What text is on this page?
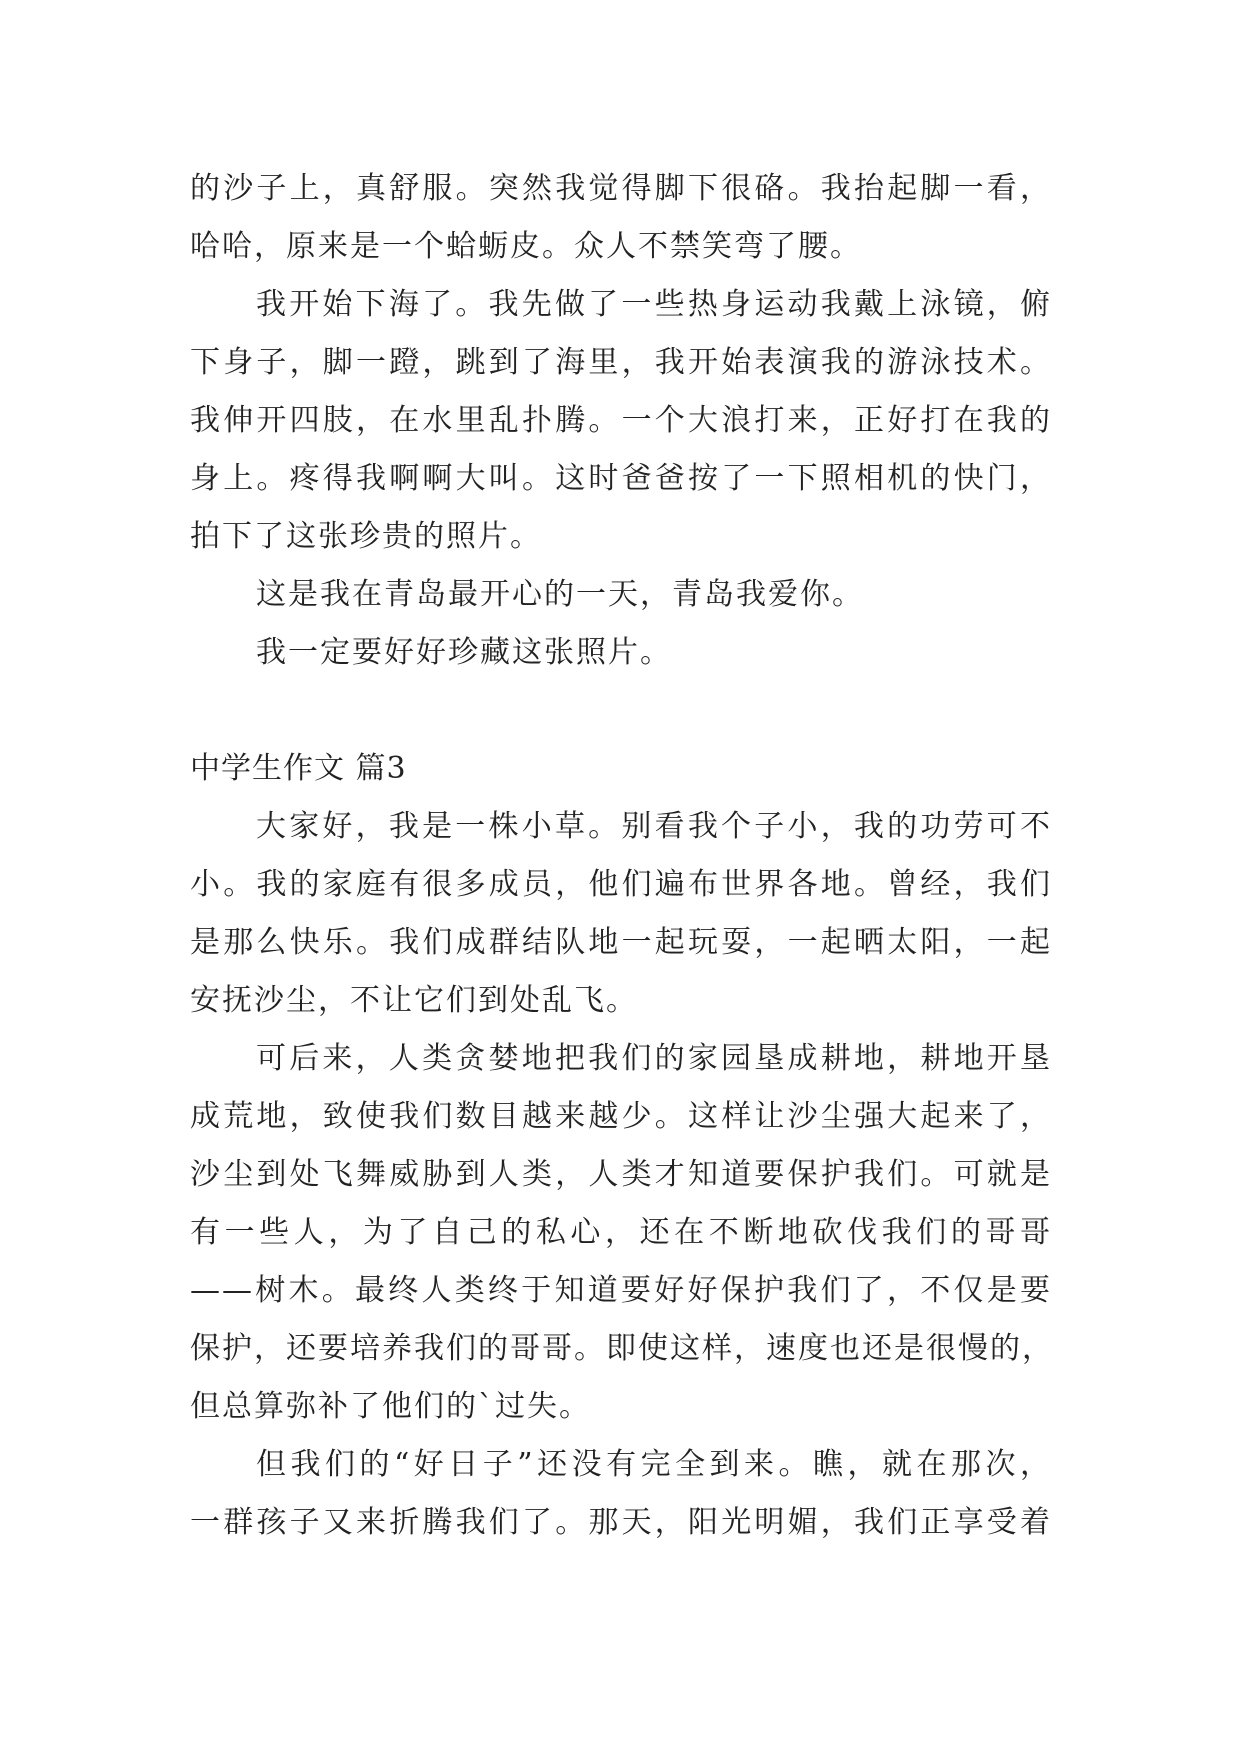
的沙子上，真舒服。突然我觉得脚下很硌。我抬起脚一看，
哈哈，原来是一个蛤蛎皮。众人不禁笑弯了腰。
我开始下海了。我先做了一些热身运动我戴上泳镜，俯
下身子，脚一蹬，跳到了海里，我开始表演我的游泳技术。
我伸开四肢，在水里乱扑腾。一个大浪打来，正好打在我的
身上。疼得我啊啊大叫。这时爸爸按了一下照相机的快门，
拍下了这张珍贵的照片。
这是我在青岛最开心的一天，青岛我爱你。
我一定要好好珍藏这张照片。
中学生作文 篇3
大家好，我是一株小草。别看我个子小，我的功劳可不
小。我的家庭有很多成员，他们遍布世界各地。曾经，我们
是那么快乐。我们成群结队地一起玩耍，一起晒太阳，一起
安抚沙尘，不让它们到处乱飞。
可后来，人类贪婪地把我们的家园垦成耕地，耕地开垦
成荒地，致使我们数目越来越少。这样让沙尘强大起来了，
沙尘到处飞舞威胁到人类，人类才知道要保护我们。可就是
有一些人，为了自己的私心，还在不断地砍伐我们的哥哥
——树木。最终人类终于知道要好好保护我们了，不仅是要
保护，还要培养我们的哥哥。即使这样，速度也还是很慢的，
但总算弥补了他们的`过失。
但我们的“好日子”还没有完全到来。瞧，就在那次，
一群孩子又来折腾我们了。那天，阳光明媚，我们正享受着
